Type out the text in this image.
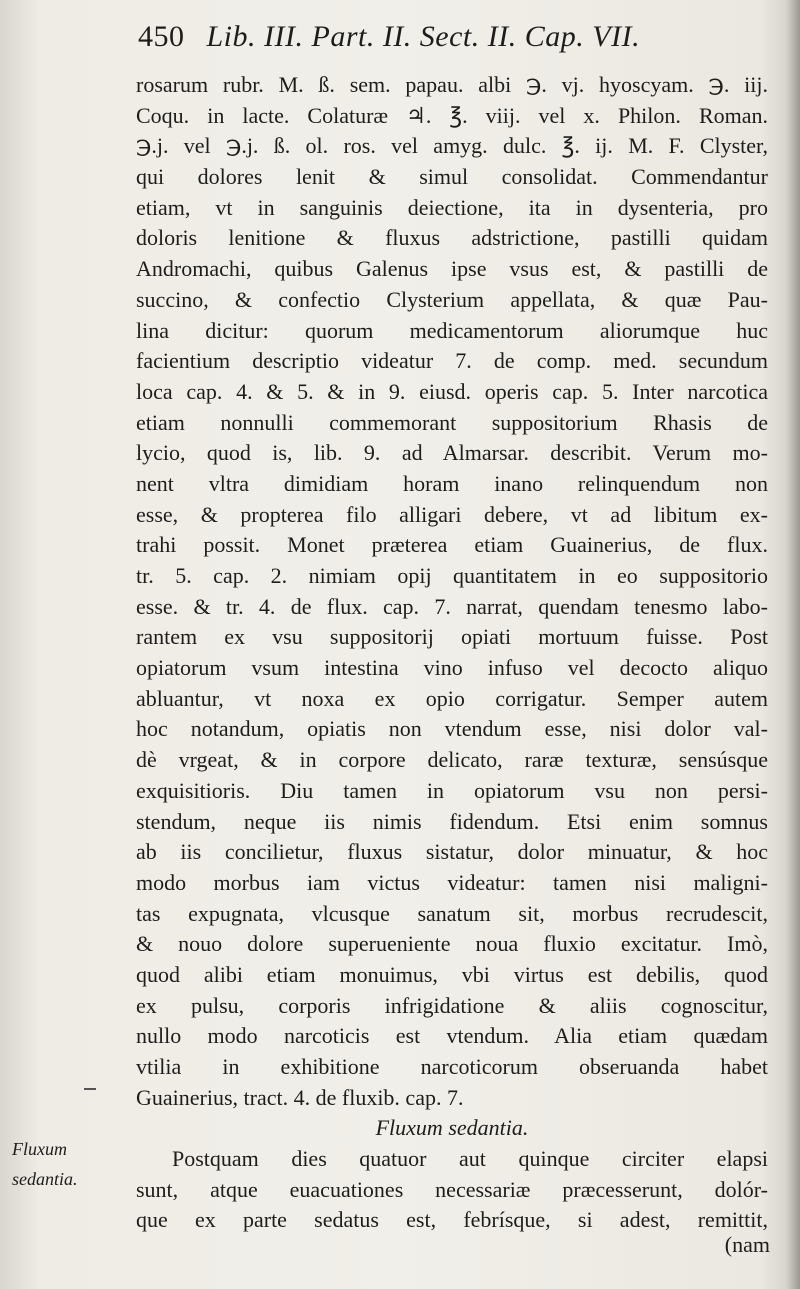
450 Lib. III. Part. II. Sect. II. Cap. VII.
rosarum rubr. M. ß. sem. papau. albi ℈. vj. hyoscyam. ℈. iij.
Coqu. in lacte. Colaturæ ♃. ℥. viij. vel x. Philon. Roman.
℈.j. vel ℈.j. ß. ol. ros. vel amyg. dulc. ℥. ij. M. F. Clyster,
qui dolores lenit & simul consolidat. Commendantur
etiam, vt in sanguinis deiectione, ita in dysenteria, pro
doloris lenitione & fluxus adstrictione, pastilli quidam
Andromachi, quibus Galenus ipse vsus est, & pastilli de
succino, & confectio Clysterium appellata, & quæ Pau-
lina dicitur: quorum medicamentorum aliorumque huc
facientium descriptio videatur 7. de comp. med. secundum
loca cap. 4. & 5. & in 9. eiusd. operis cap. 5. Inter narcotica
etiam nonnulli commemorant suppositorium Rhasis de
lycio, quod is, lib. 9. ad Almarsar. describit. Verum mo-
nent vltra dimidiam horam inano relinquendum non
esse, & propterea filo alligari debere, vt ad libitum ex-
trahi possit. Monet præterea etiam Guainerius, de flux.
tr. 5. cap. 2. nimiam opij quantitatem in eo suppositorio
esse. & tr. 4. de flux. cap. 7. narrat, quendam tenesmo labo-
rantem ex vsu suppositorij opiati mortuum fuisse. Post
opiatorum vsum intestina vino infuso vel decocto aliquo
abluantur, vt noxa ex opio corrigatur. Semper autem
hoc notandum, opiatis non vtendum esse, nisi dolor val-
dè vrgeat, & in corpore delicato, raræ texturæ, sensúsque
exquisitioris. Diu tamen in opiatorum vsu non persi-
stendum, neque iis nimis fidendum. Etsi enim somnus
ab iis concilietur, fluxus sistatur, dolor minuatur, & hoc
modo morbus iam victus videatur: tamen nisi maligni-
tas expugnata, vlcusque sanatum sit, morbus recrudescit,
& nouo dolore superueniente noua fluxio excitatur. Imò,
quod alibi etiam monuimus, vbi virtus est debilis, quod
ex pulsu, corporis infrigidatione & aliis cognoscitur,
nullo modo narcoticis est vtendum. Alia etiam quædam
vtilia in exhibitione narcoticorum obseruanda habet
Guainerius, tract. 4. de fluxib. cap. 7.
Fluxum sedantia.
Postquam dies quatuor aut quinque circiter elapsi
sunt, atque euacuationes necessariæ præcesserunt, dolór-
que ex parte sedatus est, febrísque, si adest, remittit,
Fluxum
sedantia.
(nam
